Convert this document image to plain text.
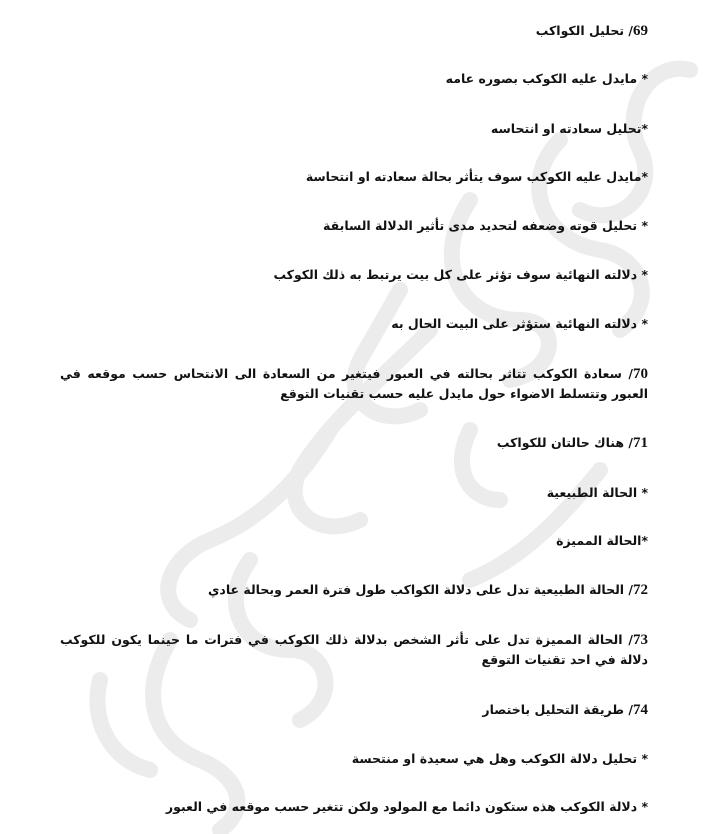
69/ تحليل الكواكب
* مايدل عليه الكوكب بصوره عامه
*تحليل سعادته او انتحاسه
*مايدل عليه الكوكب سوف يتأثر بحالة سعادته او انتحاسة
* تحليل قوته وضعفه لتحديد مدى تأثير الدلالة السابقة
* دلالته النهائية سوف تؤثر على كل بيت يرتبط به ذلك الكوكب
* دلالته النهائية ستؤثر على البيت الحال به
70/ سعادة الكوكب تتاثر بحالته في العبور فيتغير من السعادة الى الانتحاس حسب موقعه في العبور وتتسلط الاضواء حول مايدل عليه حسب تقنيات التوقع
71/ هناك حالتان للكواكب
* الحالة الطبيعية
*الحالة المميزة
72/ الحالة الطبيعية تدل على دلالة الكواكب طول فترة العمر وبحالة عادي
73/ الحالة المميزة تدل على تأثر الشخص بدلالة ذلك الكوكب في فترات ما حينما يكون للكوكب دلالة في احد تقنيات التوقع
74/ طريقة التحليل باختصار
* تحليل دلالة الكوكب وهل هي سعيدة او منتحسة
* دلالة الكوكب هذه ستكون دائما مع المولود ولكن تتغير حسب موقعه في العبور
